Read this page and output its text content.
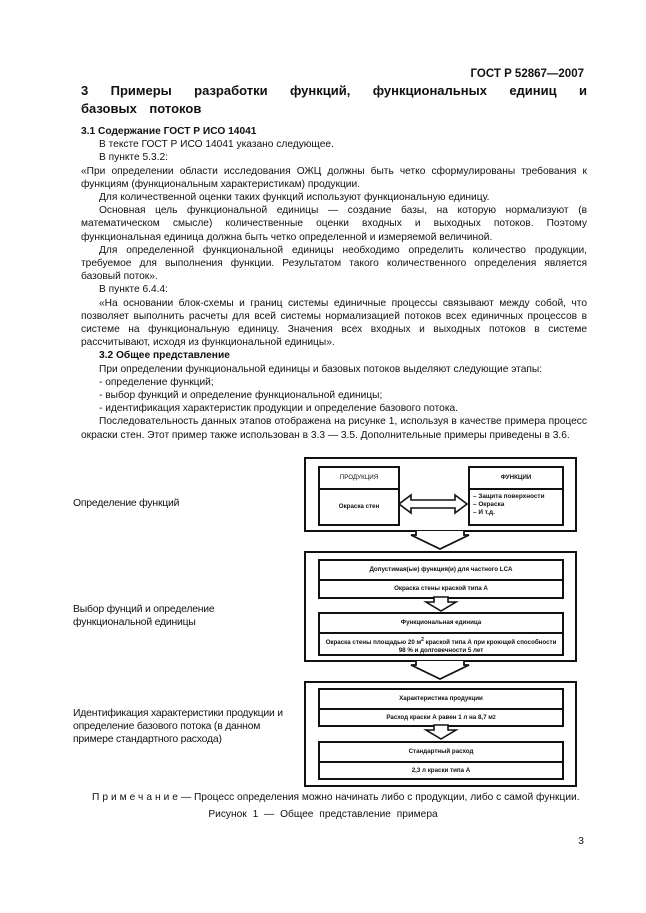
ГОСТ Р 52867—2007
3 Примеры разработки функций, функциональных единиц и базовых потоков

3.1 Содержание ГОСТ Р ИСО 14041

В тексте ГОСТ Р ИСО 14041 указано следующее.

В пункте 5.3.2:

«При определении области исследования ОЖЦ должны быть четко сформулированы требования к функциям (функциональным характеристикам) продукции.

Для количественной оценки таких функций используют функциональную единицу.

Основная цель функциональной единицы — создание базы, на которую нормализуют (в математическом смысле) количественные оценки входных и выходных потоков. Поэтому функциональная единица должна быть четко определенной и измеряемой величиной.

Для определенной функциональной единицы необходимо определить количество продукции, требуемое для выполнения функции. Результатом такого количественного определения является базовый поток».

В пункте 6.4.4:

«На основании блок-схемы и границ системы единичные процессы связывают между собой, что позволяет выполнить расчеты для всей системы нормализацией потоков всех единичных процессов в системе на функциональную единицу. Значения всех входных и выходных потоков в системе рассчитывают, исходя из функциональной единицы».

3.2 Общее представление

При определении функциональной единицы и базовых потоков выделяют следующие этапы:

- определение функций;

- выбор функций и определение функциональной единицы;

- идентификация характеристик продукции и определение базового потока.

Последовательность данных этапов отображена на рисунке 1, используя в качестве примера процесс окраски стен. Этот пример также использован в 3.3 — 3.5. Дополнительные примеры приведены в 3.6.

Определение функций
Выбор фунций и определение функциональной единицы
Идентификация характеристики продукции и определение базового потока (в данном примере стандартного расхода)
ПРОДУКЦИЯ
Окраска стен
ФУНКЦИИ
– Защита поверхности
– Окраска
– И т.д.
Допустимая(ые) функция(и) для частного LCA
Окраска стены краской типа А
Функциональная единица
Окраска стены площадью 20 $м^2$ краской типа А при кроющей способности 98 % и долговечности 5 лет
Характеристика продукции
Расход краски А равен 1 л на 8,7 м 2
Стандартный расход
2,3 л краски типа А
Примечание— Процесс определения можно начинать либо с продукции, либо с самой функции.
Рисунок 1 — Общее представление примера
3
